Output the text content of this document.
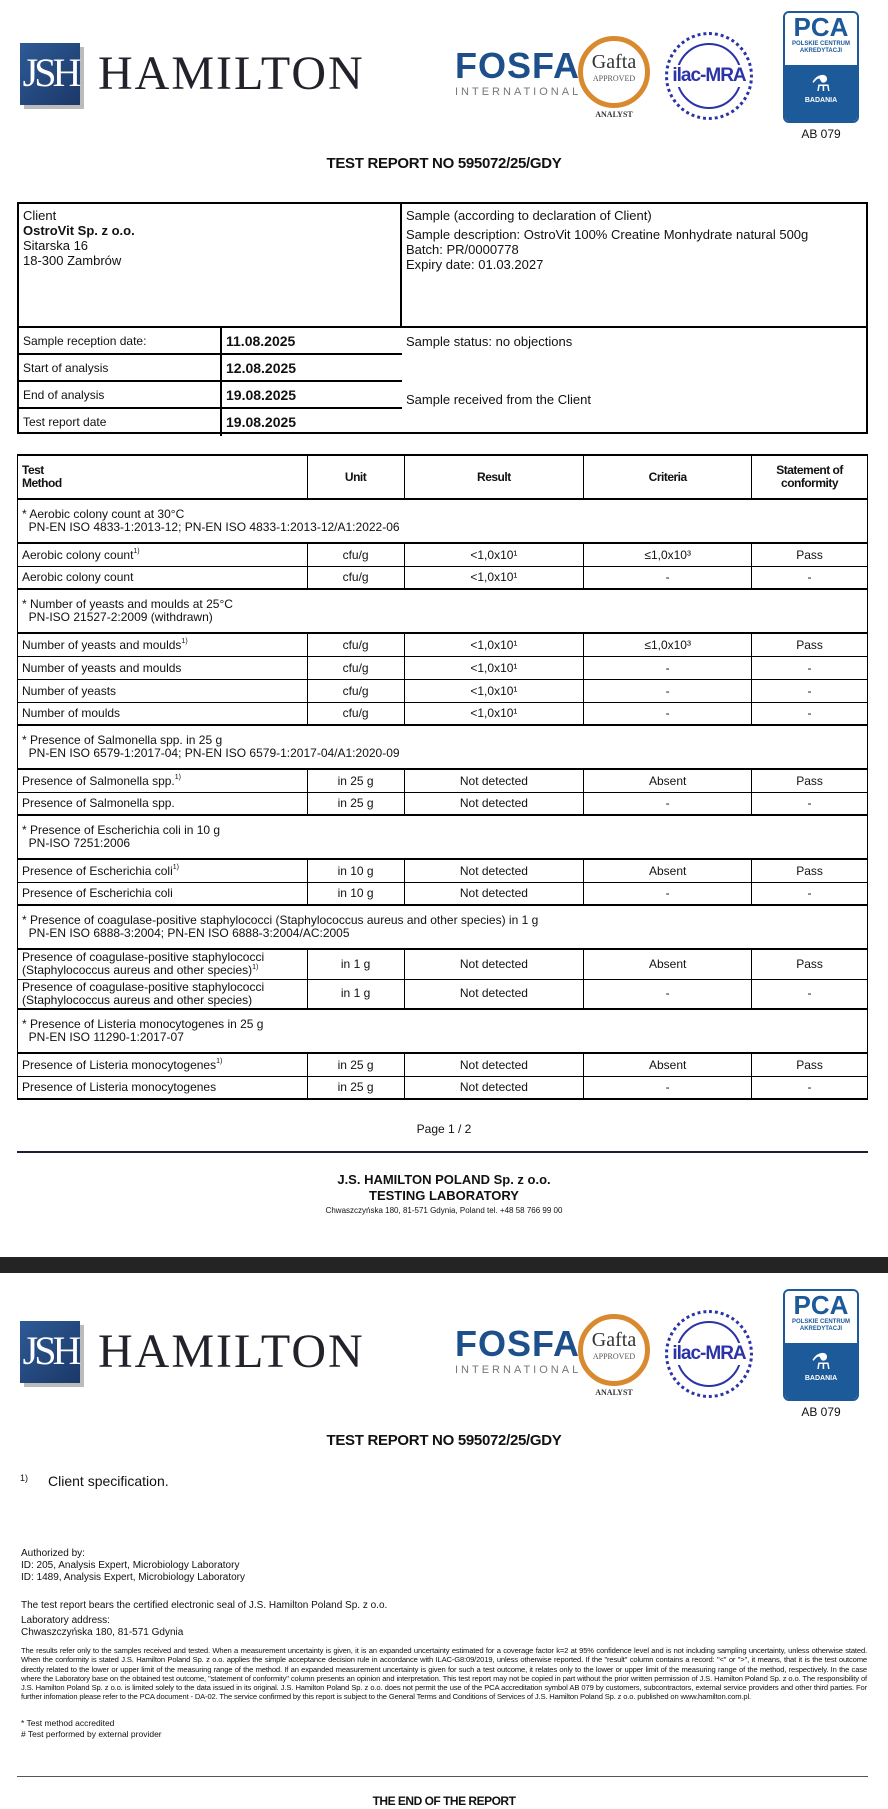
JSH HAMILTON	FOSFA
INTERNATIONAL
Gafta
APPROVED
ANALYST
ilac-MRA
PCA
POLSKIE CENTRUM AKREDYTACJI
⚗
BADANIA
AB 079
TEST REPORT NO 595072/25/GDY
Client
OstroVit Sp. z o.o.
Sitarska 16
18-300 Zambrów
Sample reception date:	11.08.2025
Start of analysis	12.08.2025
End of analysis	19.08.2025
Test report date	19.08.2025
Sample (according to declaration of Client)
Sample description: OstroVit 100% Creatine Monhydrate natural 500g
Batch: PR/0000778
Expiry date: 01.03.2027
Sample status: no objections
Sample received from the Client
Test
Method	Unit	Result	Criteria	Statement of
conformity
* Aerobic colony count at 30°C
PN-EN ISO 4833-1:2013-12; PN-EN ISO 4833-1:2013-12/A1:2022-06				
Aerobic colony count$^{1)}$	cfu/g	<1,0x10¹	≤1,0x10³	Pass
Aerobic colony count	cfu/g	<1,0x10¹	-	-
* Number of yeasts and moulds at 25°C
PN-ISO 21527-2:2009 (withdrawn)				
Number of yeasts and moulds$^{1)}$	cfu/g	<1,0x10¹	≤1,0x10³	Pass
Number of yeasts and moulds	cfu/g	<1,0x10¹	-	-
Number of yeasts	cfu/g	<1,0x10¹	-	-
Number of moulds	cfu/g	<1,0x10¹	-	-
* Presence of Salmonella spp. in 25 g
PN-EN ISO 6579-1:2017-04; PN-EN ISO 6579-1:2017-04/A1:2020-09				
Presence of Salmonella spp.$^{1)}$	in 25 g	Not detected	Absent	Pass
Presence of Salmonella spp.	in 25 g	Not detected	-	-
* Presence of Escherichia coli in 10 g
PN-ISO 7251:2006				
Presence of Escherichia coli$^{1)}$	in 10 g	Not detected	Absent	Pass
Presence of Escherichia coli	in 10 g	Not detected	-	-
* Presence of coagulase-positive staphylococci (Staphylococcus aureus and other species) in 1 g
PN-EN ISO 6888-3:2004; PN-EN ISO 6888-3:2004/AC:2005				
Presence of coagulase-positive staphylococci
(Staphylococcus aureus and other species)$^{1)}$	in 1 g	Not detected	Absent	Pass
Presence of coagulase-positive staphylococci
(Staphylococcus aureus and other species)	in 1 g	Not detected	-	-
* Presence of Listeria monocytogenes in 25 g
PN-EN ISO 11290-1:2017-07				
Presence of Listeria monocytogenes$^{1)}$	in 25 g	Not detected	Absent	Pass
Presence of Listeria monocytogenes	in 25 g	Not detected	-	-
Page 1 / 2
J.S. HAMILTON POLAND Sp. z o.o.
TESTING LABORATORY
Chwaszczyńska 180, 81-571 Gdynia, Poland tel. +48 58 766 99 00
JSH HAMILTON	FOSFA
INTERNATIONAL
Gafta
APPROVED
ANALYST
ilac-MRA
PCA
POLSKIE CENTRUM AKREDYTACJI
⚗
BADANIA
AB 079
TEST REPORT NO 595072/25/GDY
$^{1)}$ Client specification.
Authorized by:
ID: 205, Analysis Expert, Microbiology Laboratory
ID: 1489, Analysis Expert, Microbiology Laboratory
The test report bears the certified electronic seal of J.S. Hamilton Poland Sp. z o.o.
Laboratory address:
Chwaszczyńska 180, 81-571 Gdynia
The results refer only to the samples received and tested. When a measurement uncertainty is given, it is an expanded uncertainty estimated for a coverage factor k=2 at 95% confidence level and is not including sampling uncertainty, unless otherwise stated. When the conformity is stated J.S. Hamilton Poland Sp. z o.o. applies the simple acceptance decision rule in accordance with ILAC-G8:09/2019, unless otherwise reported. If the "result" column contains a record: "<" or ">", it means, that it is the test outcome directly related to the lower or upper limit of the measuring range of the method. If an expanded measurement uncertainty is given for such a test outcome, it relates only to the lower or upper limit of the measuring range of the method, respectively. In the case where the Laboratory base on the obtained test outcome, "statement of conformity" column presents an opinion and interpretation. This test report may not be copied in part without the prior written permission of J.S. Hamilton Poland Sp. z o.o. The responsibility of J.S. Hamilton Poland Sp. z o.o. is limited solely to the data issued in its original. J.S. Hamilton Poland Sp. z o.o. does not permit the use of the PCA accreditation symbol AB 079 by customers, subcontractors, external service providers and other third parties. For further infomation please refer to the PCA document - DA-02. The service confirmed by this report is subject to the General Terms and Conditions of Services of J.S. Hamilton Poland Sp. z o.o. published on www.hamilton.com.pl.
* Test method accredited
# Test performed by external provider
THE END OF THE REPORT
